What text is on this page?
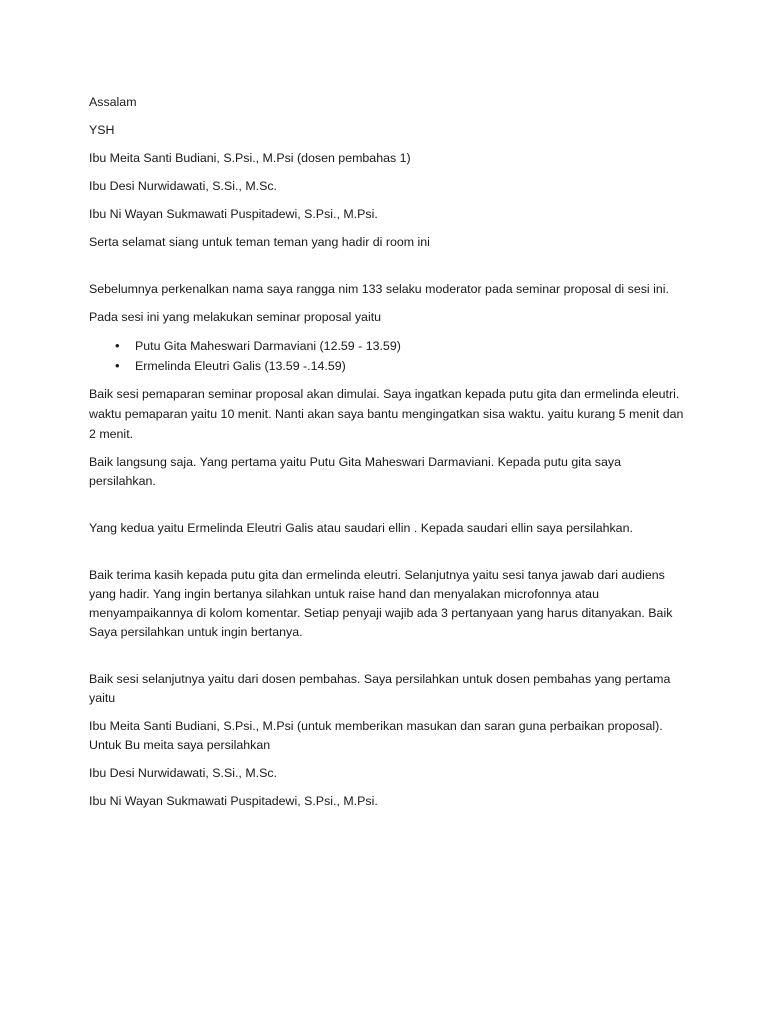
Assalam

YSH

Ibu Meita Santi Budiani, S.Psi., M.Psi (dosen pembahas 1)

Ibu Desi Nurwidawati, S.Si., M.Sc.

Ibu Ni Wayan Sukmawati Puspitadewi, S.Psi., M.Psi.

Serta selamat siang untuk teman teman yang hadir di room ini

Sebelumnya perkenalkan nama saya rangga nim 133 selaku moderator pada seminar proposal di sesi ini.

Pada sesi ini yang melakukan seminar proposal yaitu

• Putu Gita Maheswari Darmaviani (12.59 - 13.59)
• Ermelinda Eleutri Galis (13.59 -.14.59)

Baik sesi pemaparan seminar proposal akan dimulai. Saya ingatkan kepada putu gita dan ermelinda eleutri. waktu pemaparan yaitu 10 menit. Nanti akan saya bantu mengingatkan sisa waktu. yaitu kurang 5 menit dan 2 menit.

Baik langsung saja. Yang pertama yaitu Putu Gita Maheswari Darmaviani. Kepada putu gita saya persilahkan.

Yang kedua yaitu Ermelinda Eleutri Galis atau saudari ellin . Kepada saudari ellin saya persilahkan.

Baik terima kasih kepada putu gita dan ermelinda eleutri. Selanjutnya yaitu sesi tanya jawab dari audiens yang hadir. Yang ingin bertanya silahkan untuk raise hand dan menyalakan microfonnya atau menyampaikannya di kolom komentar. Setiap penyaji wajib ada 3 pertanyaan yang harus ditanyakan. Baik Saya persilahkan untuk ingin bertanya.

Baik sesi selanjutnya yaitu dari dosen pembahas. Saya persilahkan untuk dosen pembahas yang pertama yaitu

Ibu Meita Santi Budiani, S.Psi., M.Psi (untuk memberikan masukan dan saran guna perbaikan proposal). Untuk Bu meita saya persilahkan

Ibu Desi Nurwidawati, S.Si., M.Sc.

Ibu Ni Wayan Sukmawati Puspitadewi, S.Psi., M.Psi.
